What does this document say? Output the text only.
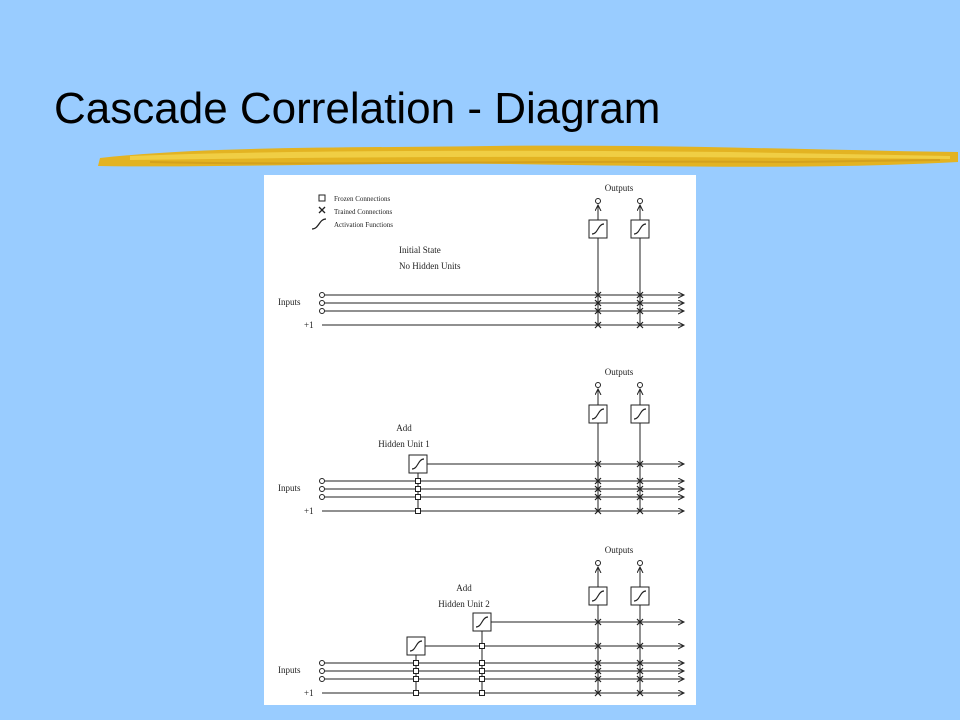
Cascade Correlation - Diagram
Frozen Connections
Trained Connections
Activation Functions
Outputs
Initial State
No Hidden Units
Inputs
+1
Outputs
Add
Hidden Unit 1
Inputs
+1
Outputs
Add
Hidden Unit 2
Inputs
+1
